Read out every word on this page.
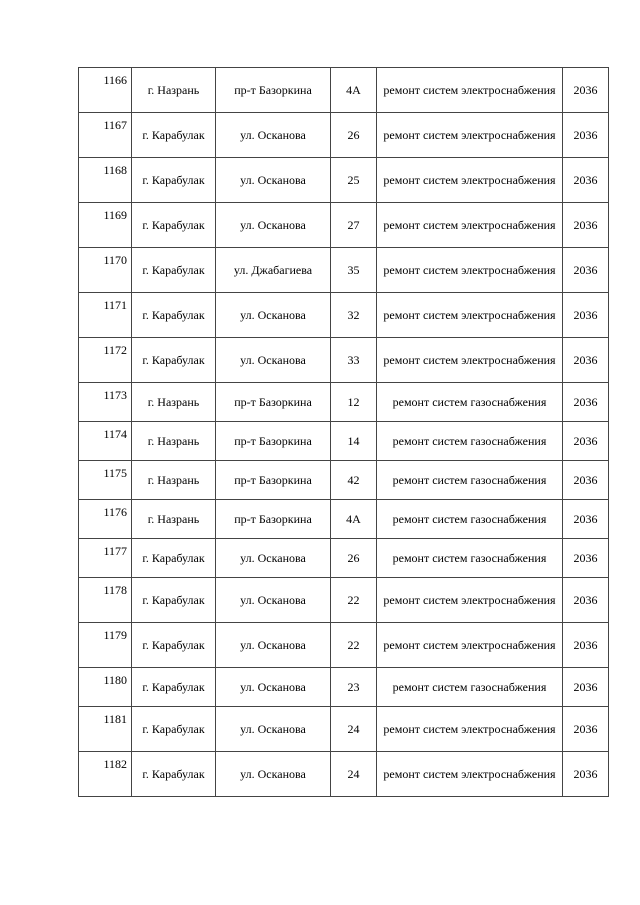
1166	г. Назрань	пр-т Базоркина	4А	ремонт систем электроснабжения	2036
1167	г. Карабулак	ул. Осканова	26	ремонт систем электроснабжения	2036
1168	г. Карабулак	ул. Осканова	25	ремонт систем электроснабжения	2036
1169	г. Карабулак	ул. Осканова	27	ремонт систем электроснабжения	2036
1170	г. Карабулак	ул. Джабагиева	35	ремонт систем электроснабжения	2036
1171	г. Карабулак	ул. Осканова	32	ремонт систем электроснабжения	2036
1172	г. Карабулак	ул. Осканова	33	ремонт систем электроснабжения	2036
1173	г. Назрань	пр-т Базоркина	12	ремонт систем газоснабжения	2036
1174	г. Назрань	пр-т Базоркина	14	ремонт систем газоснабжения	2036
1175	г. Назрань	пр-т Базоркина	42	ремонт систем газоснабжения	2036
1176	г. Назрань	пр-т Базоркина	4А	ремонт систем газоснабжения	2036
1177	г. Карабулак	ул. Осканова	26	ремонт систем газоснабжения	2036
1178	г. Карабулак	ул. Осканова	22	ремонт систем электроснабжения	2036
1179	г. Карабулак	ул. Осканова	22	ремонт систем электроснабжения	2036
1180	г. Карабулак	ул. Осканова	23	ремонт систем газоснабжения	2036
1181	г. Карабулак	ул. Осканова	24	ремонт систем электроснабжения	2036
1182	г. Карабулак	ул. Осканова	24	ремонт систем электроснабжения	2036
